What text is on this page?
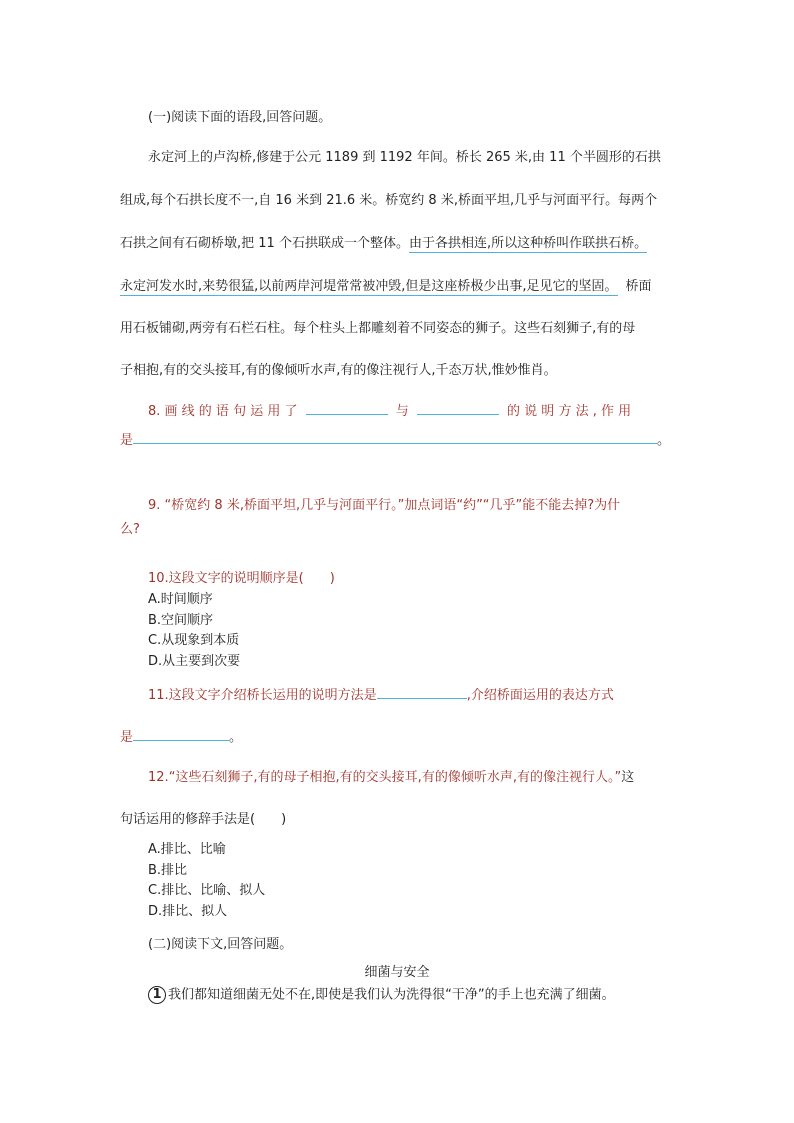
(一)阅读下面的语段,回答问题。
永定河上的卢沟桥,修建于公元 1189 到 1192 年间。桥长 265 米,由 11 个半圆形的石拱
组成,每个石拱长度不一,自 16 米到 21.6 米。桥宽约 8 米,桥面平坦,几乎与河面平行。每两个
石拱之间有石砌桥墩,把 11 个石拱联成一个整体。由于各拱相连,所以这种桥叫作联拱石桥。
永定河发水时,来势很猛,以前两岸河堤常常被冲毁,但是这座桥极少出事,足见它的坚固。 桥面
用石板铺砌,两旁有石栏石柱。每个柱头上都雕刻着不同姿态的狮子。这些石刻狮子,有的母
子相抱,有的交头接耳,有的像倾听水声,有的像注视行人,千态万状,惟妙惟肖。
8. 画 线 的 语 句 运 用 了	与	的 说 明 方 法 , 作 用
是	。
9. “桥宽约 8 米,桥面平坦,几乎与河面平行。”加点词语“约”“几乎”能不能去掉?为什
么?
10.这段文字的说明顺序是(　　)
A.时间顺序
B.空间顺序
C.从现象到本质
D.从主要到次要
11.这段文字介绍桥长运用的说明方法是	,介绍桥面运用的表达方式
是	。
12.“这些石刻狮子,有的母子相抱,有的交头接耳,有的像倾听水声,有的像注视行人。”这
句话运用的修辞手法是(　　)
A.排比、比喻
B.排比
C.排比、比喻、拟人
D.排比、拟人
(二)阅读下文,回答问题。
细菌与安全
1 我们都知道细菌无处不在,即使是我们认为洗得很“干净”的手上也充满了细菌。
